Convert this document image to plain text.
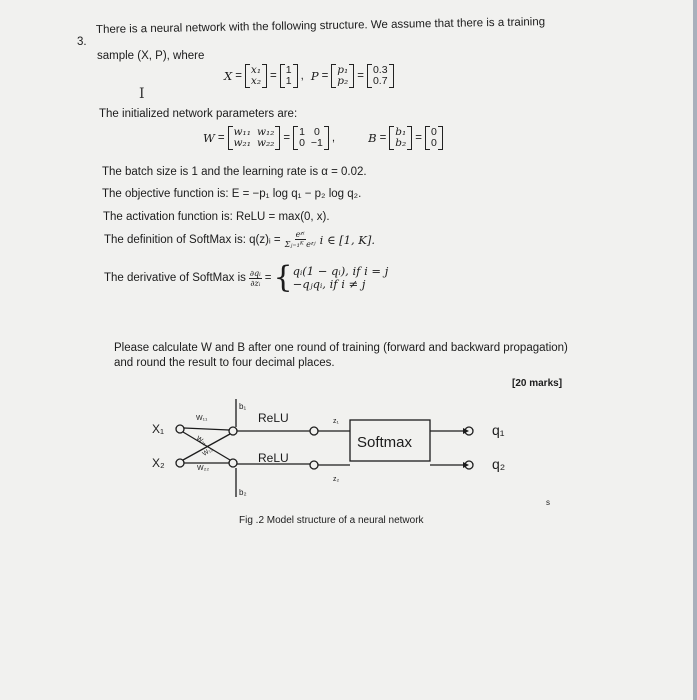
3.
There is a neural network with the following structure. We assume that there is a training
sample (X, P), where
X = x₁
x₂ = 1
1 , P = p₁
p₂ = 0.3
0.7
I
The initialized network parameters are:
W = w₁₁ w₁₂
w₂₁ w₂₂ = 1 0
0 −1 ,	B = b₁
b₂ = 0
0
The batch size is 1 and the learning rate is α = 0.02.
The objective function is: E = −p₁ log q₁ − p₂ log q₂.
The activation function is: ReLU = max(0, x).
The definition of SoftMax is: q(z)ᵢ = $\frac{\text{eᶻⁱ}}{\text{Σⱼ₌₁ᴷ eᶻʲ}}$ i ∈ [1, K].
The derivative of SoftMax is $\frac{\text{∂qᵢ}}{\text{∂zᵢ}}$ = { qᵢ(1 − qᵢ), if i = j
−qⱼqᵢ, if i ≠ j
Please calculate W and B after one round of training (forward and backward propagation)
and round the result to four decimal places.
[20 marks]
X₁
X₂
W₁₁
W₂₁
W₁₂
W₂₂
b₁
b₂
ReLU
ReLU
z₁
z₂
Softmax
q₁
q₂
Fig .2 Model structure of a neural network
s
